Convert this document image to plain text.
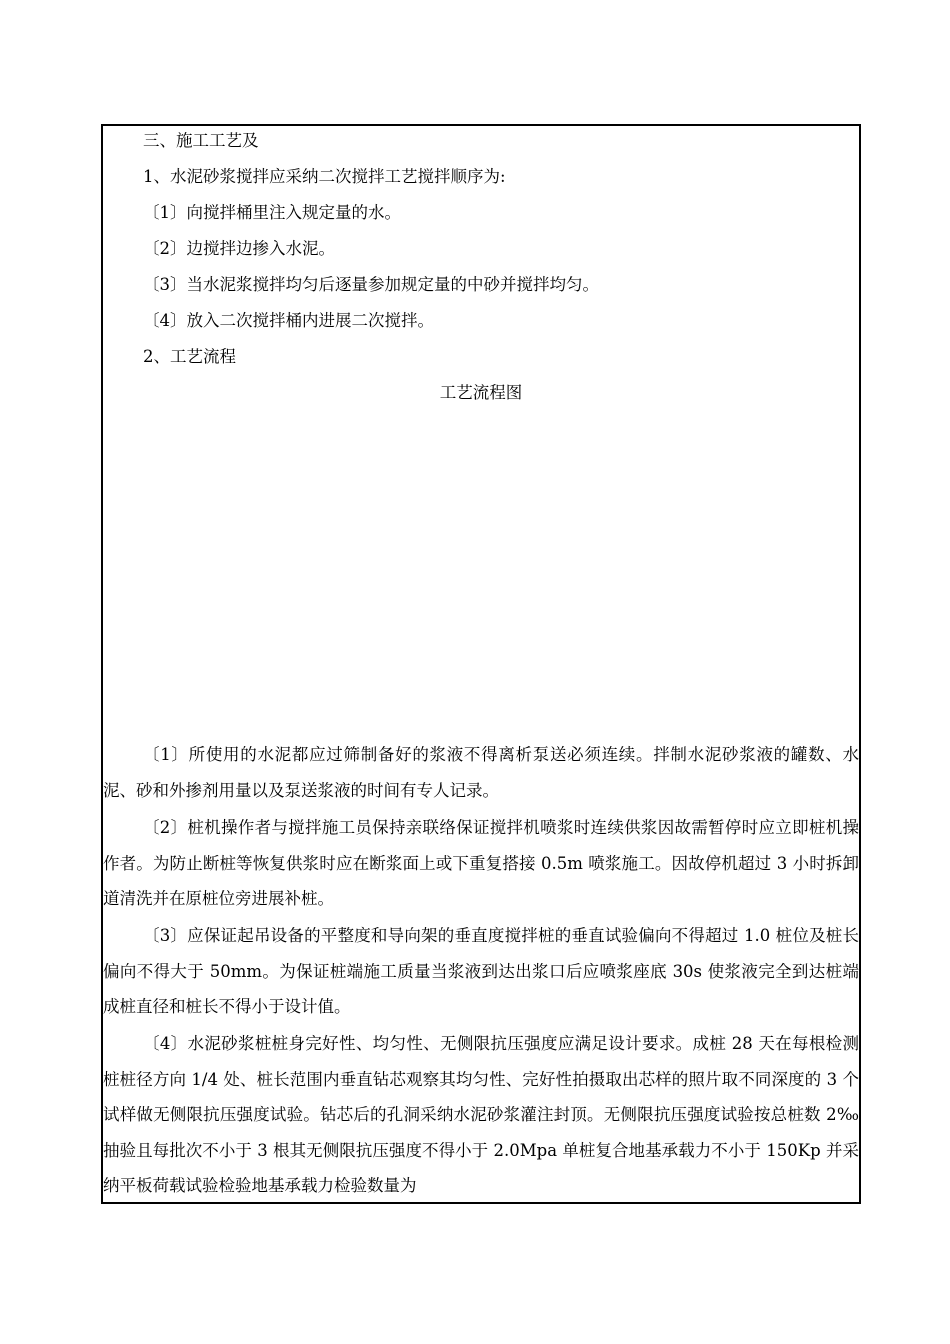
三、施工工艺及
1、水泥砂浆搅拌应采纳二次搅拌工艺搅拌顺序为:
〔1〕向搅拌桶里注入规定量的水。
〔2〕边搅拌边掺入水泥。
〔3〕当水泥浆搅拌均匀后逐量参加规定量的中砂并搅拌均匀。
〔4〕放入二次搅拌桶内进展二次搅拌。
2、工艺流程
工艺流程图
〔1〕所使用的水泥都应过筛制备好的浆液不得离析泵送必须连续。拌制水泥砂浆液的罐数、水泥、砂和外掺剂用量以及泵送浆液的时间有专人记录。
〔2〕桩机操作者与搅拌施工员保持亲联络保证搅拌机喷浆时连续供浆因故需暂停时应立即桩机操作者。为防止断桩等恢复供浆时应在断浆面上或下重复搭接 0.5m 喷浆施工。因故停机超过 3 小时拆卸道清洗并在原桩位旁进展补桩。
〔3〕应保证起吊设备的平整度和导向架的垂直度搅拌桩的垂直试验偏向不得超过 1.0 桩位及桩长偏向不得大于 50mm。为保证桩端施工质量当浆液到达出浆口后应喷浆座底 30s 使浆液完全到达桩端成桩直径和桩长不得小于设计值。
〔4〕水泥砂浆桩桩身完好性、均匀性、无侧限抗压强度应满足设计要求。成桩 28 天在每根检测桩桩径方向 1/4 处、桩长范围内垂直钻芯观察其均匀性、完好性拍摄取出芯样的照片取不同深度的 3 个试样做无侧限抗压强度试验。钻芯后的孔洞采纳水泥砂浆灌注封顶。无侧限抗压强度试验按总桩数 2‰抽验且每批次不小于 3 根其无侧限抗压强度不得小于 2.0Mpa 单桩复合地基承载力不小于 150Kp 并采纳平板荷载试验检验地基承载力检验数量为
